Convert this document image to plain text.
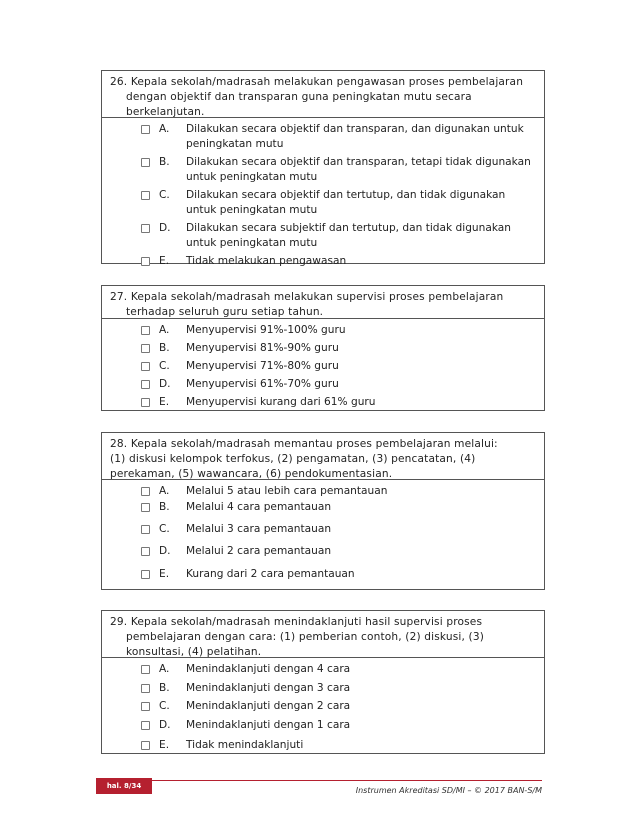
26. Kepala sekolah/madrasah melakukan pengawasan proses pembelajaran
dengan objektif dan transparan guna peningkatan mutu secara
berkelanjutan.
A. Dilakukan secara objektif dan transparan, dan digunakan untuk peningkatan mutu
B. Dilakukan secara objektif dan transparan, tetapi tidak digunakan untuk peningkatan mutu
C. Dilakukan secara objektif dan tertutup, dan tidak digunakan untuk peningkatan mutu
D. Dilakukan secara subjektif dan tertutup, dan tidak digunakan untuk peningkatan mutu
E. Tidak melakukan pengawasan
27. Kepala sekolah/madrasah melakukan supervisi proses pembelajaran
terhadap seluruh guru setiap tahun.
A. Menyupervisi 91%-100% guru
B. Menyupervisi 81%-90% guru
C. Menyupervisi 71%-80% guru
D. Menyupervisi 61%-70% guru
E. Menyupervisi kurang dari 61% guru
28. Kepala sekolah/madrasah memantau proses pembelajaran melalui:
(1) diskusi kelompok terfokus, (2) pengamatan, (3) pencatatan, (4)
perekaman, (5) wawancara, (6) pendokumentasian.
A. Melalui 5 atau lebih cara pemantauan
B. Melalui 4 cara pemantauan
C. Melalui 3 cara pemantauan
D. Melalui 2 cara pemantauan
E. Kurang dari 2 cara pemantauan
29. Kepala sekolah/madrasah menindaklanjuti hasil supervisi proses
pembelajaran dengan cara: (1) pemberian contoh, (2) diskusi, (3)
konsultasi, (4) pelatihan.
A. Menindaklanjuti dengan 4 cara
B. Menindaklanjuti dengan 3 cara
C. Menindaklanjuti dengan 2 cara
D. Menindaklanjuti dengan 1 cara
E. Tidak menindaklanjuti
hal. 8/34	Instrumen Akreditasi SD/MI – © 2017 BAN-S/M
